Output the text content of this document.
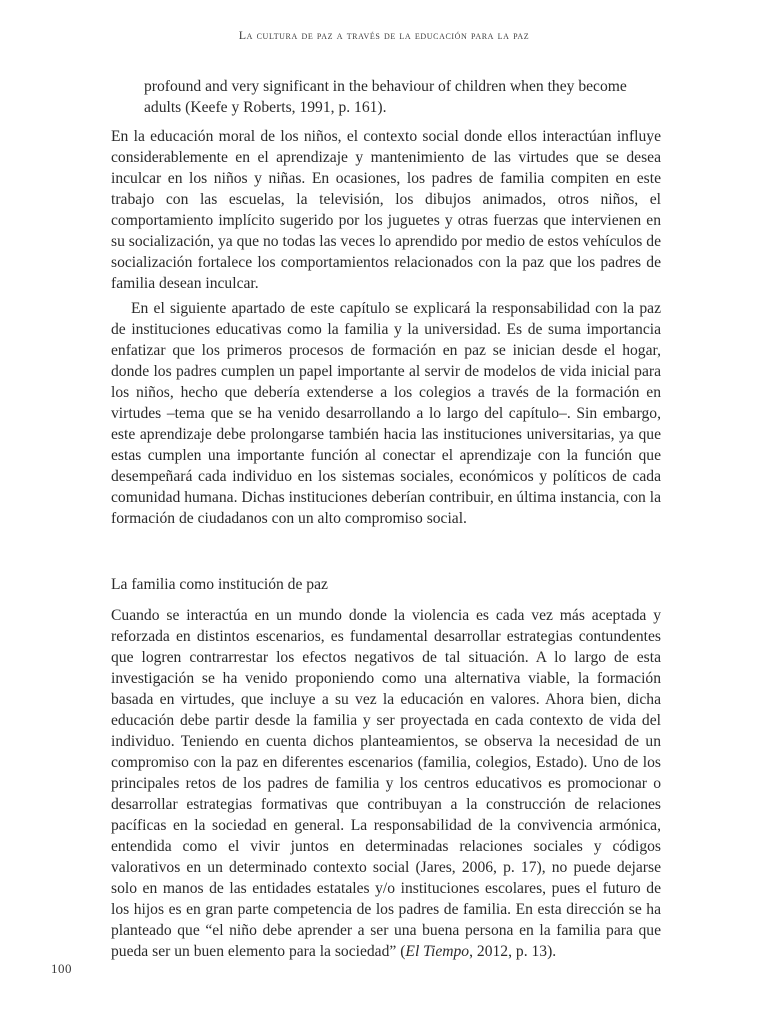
La cultura de paz a través de la educación para la paz

profound and very significant in the behaviour of children when they become adults (Keefe y Roberts, 1991, p. 161).

En la educación moral de los niños, el contexto social donde ellos interactúan influye considerablemente en el aprendizaje y mantenimiento de las virtudes que se desea inculcar en los niños y niñas. En ocasiones, los padres de familia compiten en este trabajo con las escuelas, la televisión, los dibujos animados, otros niños, el comportamiento implícito sugerido por los juguetes y otras fuerzas que intervienen en su socialización, ya que no todas las veces lo aprendido por medio de estos vehículos de socialización fortalece los comportamientos relacionados con la paz que los padres de familia desean inculcar.

En el siguiente apartado de este capítulo se explicará la responsabilidad con la paz de instituciones educativas como la familia y la universidad. Es de suma importancia enfatizar que los primeros procesos de formación en paz se inician desde el hogar, donde los padres cumplen un papel importante al servir de modelos de vida inicial para los niños, hecho que debería extenderse a los colegios a través de la formación en virtudes –tema que se ha venido desarrollando a lo largo del capítulo–. Sin embargo, este aprendizaje debe prolongarse también hacia las instituciones universitarias, ya que estas cumplen una importante función al conectar el aprendizaje con la función que desempeñará cada individuo en los sistemas sociales, económicos y políticos de cada comunidad humana. Dichas instituciones deberían contribuir, en última instancia, con la formación de ciudadanos con un alto compromiso social.

La familia como institución de paz

Cuando se interactúa en un mundo donde la violencia es cada vez más aceptada y reforzada en distintos escenarios, es fundamental desarrollar estrategias contundentes que logren contrarrestar los efectos negativos de tal situación. A lo largo de esta investigación se ha venido proponiendo como una alternativa viable, la formación basada en virtudes, que incluye a su vez la educación en valores. Ahora bien, dicha educación debe partir desde la familia y ser proyectada en cada contexto de vida del individuo. Teniendo en cuenta dichos planteamientos, se observa la necesidad de un compromiso con la paz en diferentes escenarios (familia, colegios, Estado). Uno de los principales retos de los padres de familia y los centros educativos es promocionar o desarrollar estrategias formativas que contribuyan a la construcción de relaciones pacíficas en la sociedad en general. La responsabilidad de la convivencia armónica, entendida como el vivir juntos en determinadas relaciones sociales y códigos valorativos en un determinado contexto social (Jares, 2006, p. 17), no puede dejarse solo en manos de las entidades estatales y/o instituciones escolares, pues el futuro de los hijos es en gran parte competencia de los padres de familia. En esta dirección se ha planteado que “el niño debe aprender a ser una buena persona en la familia para que pueda ser un buen elemento para la sociedad” (El Tiempo, 2012, p. 13).

100
